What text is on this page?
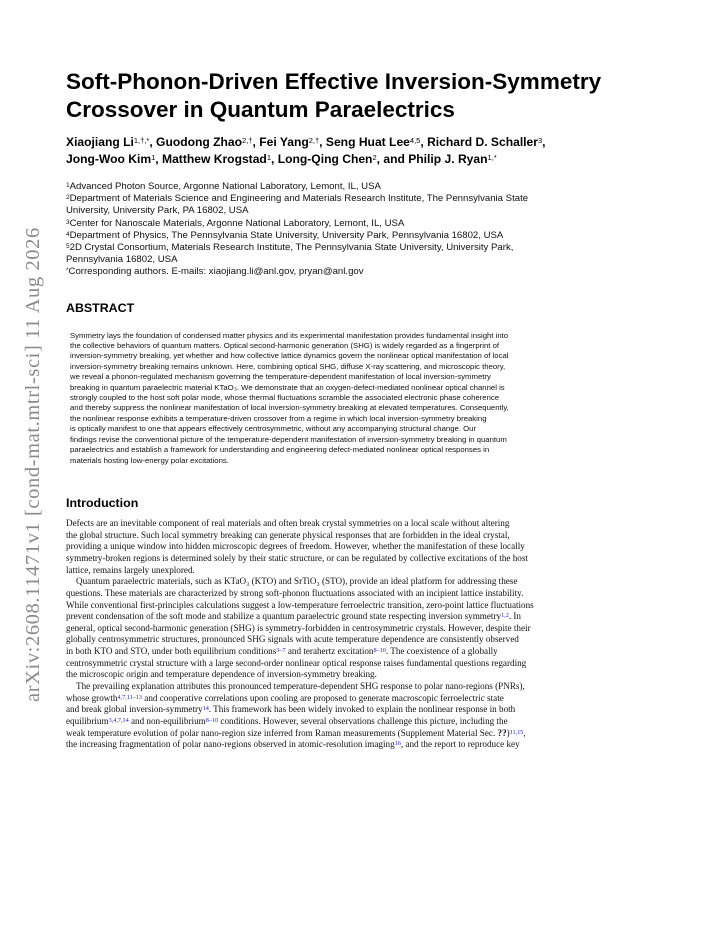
arXiv:2608.11471v1 [cond-mat.mtrl-sci] 11 Aug 2026
Soft-Phonon-Driven Effective Inversion-Symmetry
Crossover in Quantum Paraelectrics
Xiaojiang $Li^{1,\dagger,*}$, Guodong Zhao$^{2,\dagger}$, Fei Yang$^{2,\dagger}$, Seng Huat Lee$^{4,5}$, Richard D. Schaller$^3$,
Jong-Woo Kim$^1$, Matthew Krogstad$^1$, Long-Qing Chen$^2$, and Philip J. Ryan$^{1,*}$
$^1$Advanced Photon Source, Argonne National Laboratory, Lemont, IL, USA
$^2$Department of Materials Science and Engineering and Materials Research Institute, The Pennsylvania State
University, University Park, PA 16802, USA
$^3$Center for Nanoscale Materials, Argonne National Laboratory, Lemont, IL, USA
$^4$Department of Physics, The Pennsylvania State University, University Park, Pennsylvania 16802, USA
$^5$2D Crystal Consortium, Materials Research Institute, The Pennsylvania State University, University Park,
Pennsylvania 16802, USA
*Corresponding authors. E-mails: xiaojiang.li@anl.gov, pryan@anl.gov
ABSTRACT
Symmetry lays the foundation of condensed matter physics and its experimental manifestation provides fundamental insight into
the collective behaviors of quantum matters. Optical second-harmonic generation (SHG) is widely regarded as a fingerprint of
inversion-symmetry breaking, yet whether and how collective lattice dynamics govern the nonlinear optical manifestation of local
inversion-symmetry breaking remains unknown. Here, combining optical SHG, diffuse X-ray scattering, and microscopic theory,
we reveal a phonon-regulated mechanism governing the temperature-dependent manifestation of local inversion-symmetry
breaking in quantum paraelectric material KTaO₃. We demonstrate that an oxygen-defect-mediated nonlinear optical channel is
strongly coupled to the host soft polar mode, whose thermal fluctuations scramble the associated electronic phase coherence
and thereby suppress the nonlinear manifestation of local inversion-symmetry breaking at elevated temperatures. Consequently,
the nonlinear response exhibits a temperature-driven crossover from a regime in which local inversion-symmetry breaking
is optically manifest to one that appears effectively centrosymmetric, without any accompanying structural change. Our
findings revise the conventional picture of the temperature-dependent manifestation of inversion-symmetry breaking in quantum
paraelectrics and establish a framework for understanding and engineering defect-mediated nonlinear optical responses in
materials hosting low-energy polar excitations.
Introduction

Defects are an inevitable component of real materials and often break crystal symmetries on a local scale without altering
the global structure. Such local symmetry breaking can generate physical responses that are forbidden in the ideal crystal,
providing a unique window into hidden microscopic degrees of freedom. However, whether the manifestation of these locally
symmetry-broken regions is determined solely by their static structure, or can be regulated by collective excitations of the host
lattice, remains largely unexplored.

Quantum paraelectric materials, such as KTaO₃ (KTO) and SrTiO₃ (STO), provide an ideal platform for addressing these
questions. These materials are characterized by strong soft-phonon fluctuations associated with an incipient lattice instability.
While conventional first-principles calculations suggest a low-temperature ferroelectric transition, zero-point lattice fluctuations
prevent condensation of the soft mode and stabilize a quantum paraelectric ground state respecting inversion symmetry$^{1,2}$. In
general, optical second-harmonic generation (SHG) is symmetry-forbidden in centrosymmetric crystals. However, despite their
globally centrosymmetric structures, pronounced SHG signals with acute temperature dependence are consistently observed
in both KTO and STO, under both equilibrium conditions$^{3-7}$ and terahertz excitation$^{8-10}$. The coexistence of a globally
centrosymmetric crystal structure with a large second-order nonlinear optical response raises fundamental questions regarding
the microscopic origin and temperature dependence of inversion-symmetry breaking.

The prevailing explanation attributes this pronounced temperature-dependent SHG response to polar nano-regions (PNRs),
whose growth$^{4,7,11-13}$ and cooperative correlations upon cooling are proposed to generate macroscopic ferroelectric state
and break global inversion-symmetry$^{14}$. This framework has been widely invoked to explain the nonlinear response in both
equilibrium$^{3,4,7,14}$ and non-equilibrium$^{8-10}$ conditions. However, several observations challenge this picture, including the
weak temperature evolution of polar nano-region size inferred from Raman measurements (Supplement Material Sec. ??)$^{11,15}$,
the increasing fragmentation of polar nano-regions observed in atomic-resolution imaging$^{16}$, and the report to reproduce key
